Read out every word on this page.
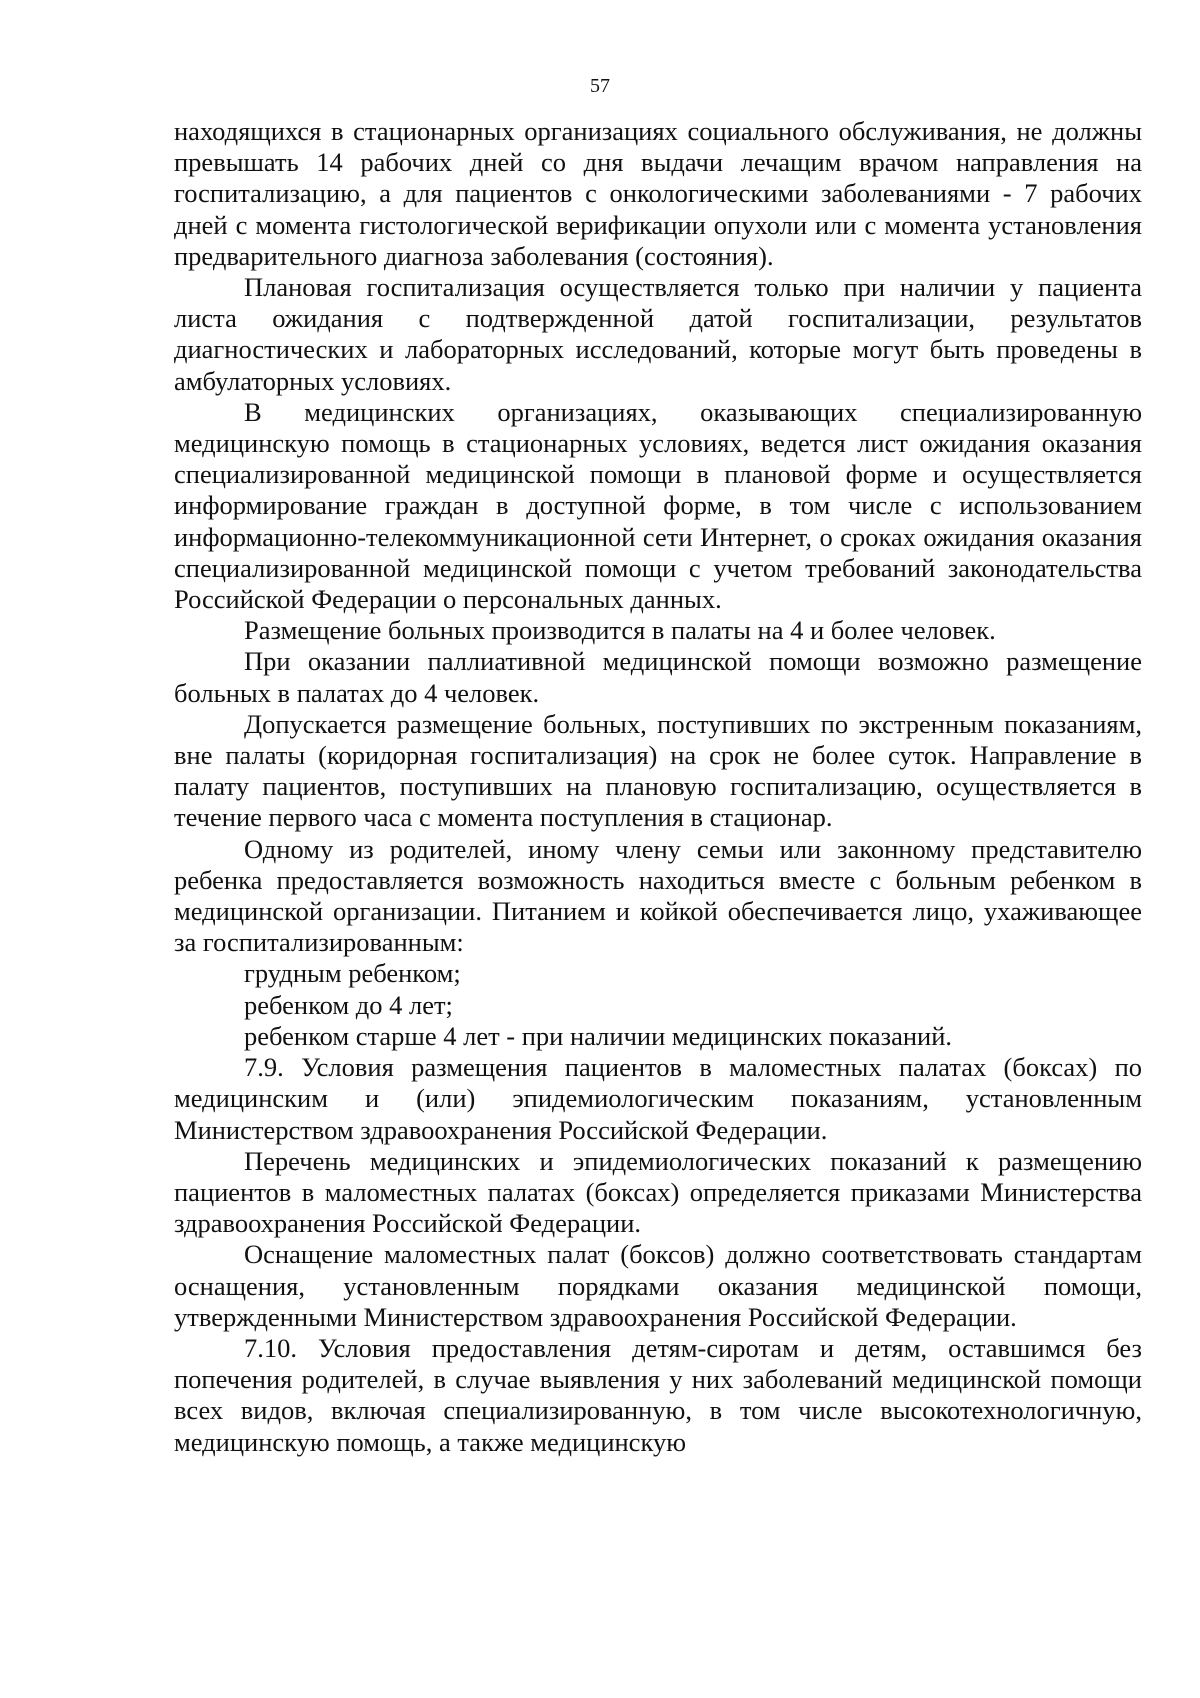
57

находящихся в стационарных организациях социального обслуживания, не должны превышать 14 рабочих дней со дня выдачи лечащим врачом направления на госпитализацию, а для пациентов с онкологическими заболеваниями - 7 рабочих дней с момента гистологической верификации опухоли или с момента установления предварительного диагноза заболевания (состояния).

Плановая госпитализация осуществляется только при наличии у пациента листа ожидания с подтвержденной датой госпитализации, результатов диагностических и лабораторных исследований, которые могут быть проведены в амбулаторных условиях.

В медицинских организациях, оказывающих специализированную медицинскую помощь в стационарных условиях, ведется лист ожидания оказания специализированной медицинской помощи в плановой форме и осуществляется информирование граждан в доступной форме, в том числе с использованием информационно-телекоммуникационной сети Интернет, о сроках ожидания оказания специализированной медицинской помощи с учетом требований законодательства Российской Федерации о персональных данных.

Размещение больных производится в палаты на 4 и более человек.

При оказании паллиативной медицинской помощи возможно размещение больных в палатах до 4 человек.

Допускается размещение больных, поступивших по экстренным показаниям, вне палаты (коридорная госпитализация) на срок не более суток. Направление в палату пациентов, поступивших на плановую госпитализацию, осуществляется в течение первого часа с момента поступления в стационар.

Одному из родителей, иному члену семьи или законному представителю ребенка предоставляется возможность находиться вместе с больным ребенком в медицинской организации. Питанием и койкой обеспечивается лицо, ухаживающее за госпитализированным:

грудным ребенком;

ребенком до 4 лет;

ребенком старше 4 лет - при наличии медицинских показаний.

7.9. Условия размещения пациентов в маломестных палатах (боксах) по медицинским и (или) эпидемиологическим показаниям, установленным Министерством здравоохранения Российской Федерации.

Перечень медицинских и эпидемиологических показаний к размещению пациентов в маломестных палатах (боксах) определяется приказами Министерства здравоохранения Российской Федерации.

Оснащение маломестных палат (боксов) должно соответствовать стандартам оснащения, установленным порядками оказания медицинской помощи, утвержденными Министерством здравоохранения Российской Федерации.

7.10. Условия предоставления детям-сиротам и детям, оставшимся без попечения родителей, в случае выявления у них заболеваний медицинской помощи всех видов, включая специализированную, в том числе высокотехнологичную, медицинскую помощь, а также медицинскую
